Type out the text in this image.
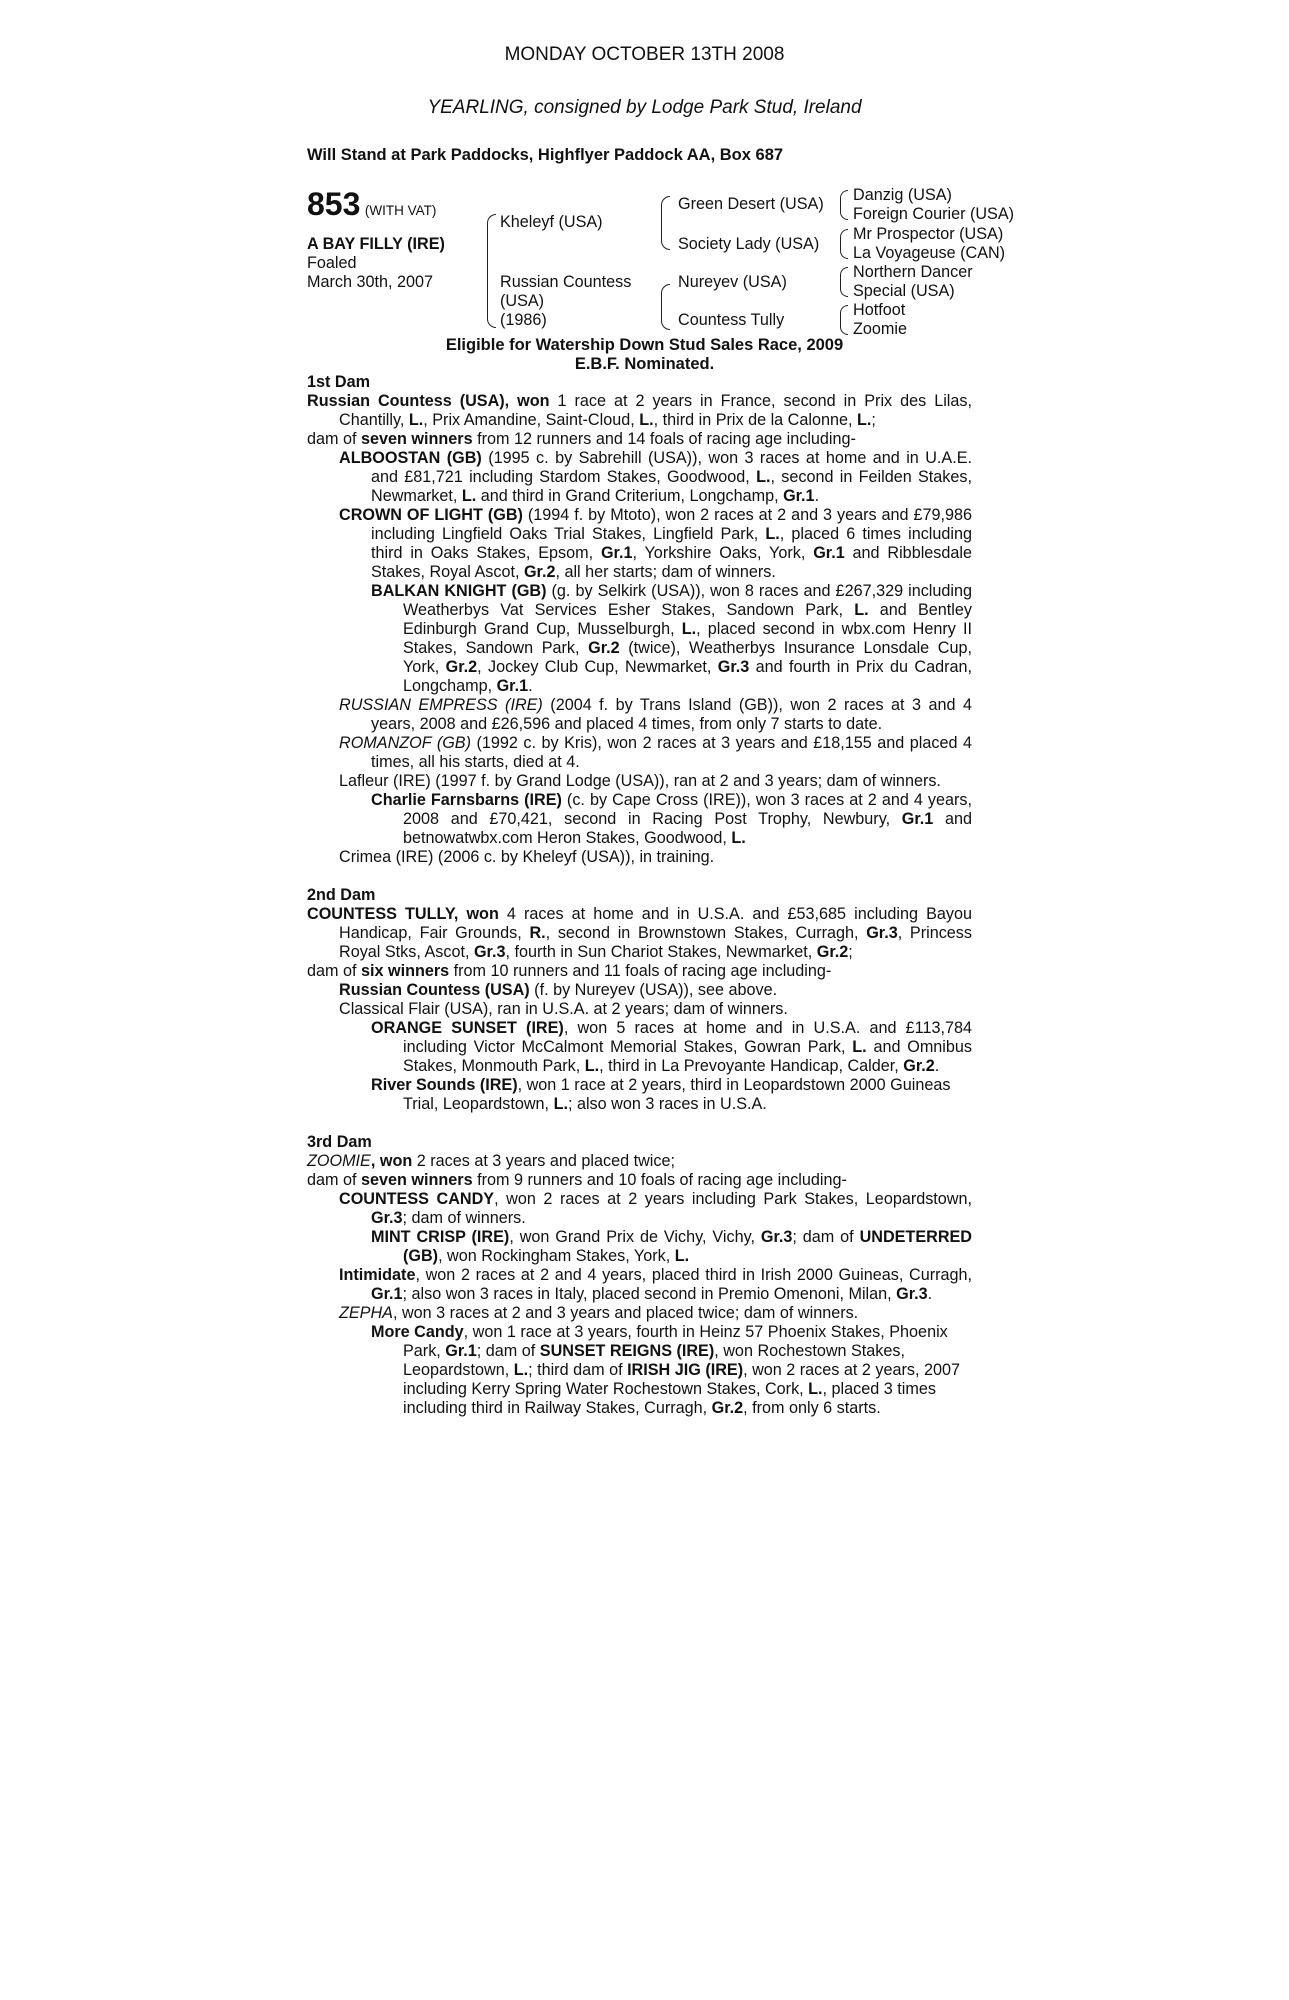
MONDAY OCTOBER 13TH 2008
YEARLING, consigned by Lodge Park Stud, Ireland
Will Stand at Park Paddocks, Highflyer Paddock AA, Box 687
853 (WITH VAT)
A BAY FILLY (IRE)
Foaled
March 30th, 2007
Kheleyf (USA)
Russian Countess
(USA)
(1986)
Green Desert (USA)
Society Lady (USA)
Nureyev (USA)
Countess Tully
Danzig (USA)
Foreign Courier (USA)
Mr Prospector (USA)
La Voyageuse (CAN)
Northern Dancer
Special (USA)
Hotfoot
Zoomie
Eligible for Watership Down Stud Sales Race, 2009
E.B.F. Nominated.

1st Dam

Russian Countess (USA), won 1 race at 2 years in France, second in Prix des Lilas, Chantilly, L., Prix Amandine, Saint-Cloud, L., third in Prix de la Calonne, L.;

dam of seven winners from 12 runners and 14 foals of racing age including-

ALBOOSTAN (GB) (1995 c. by Sabrehill (USA)), won 3 races at home and in U.A.E. and £81,721 including Stardom Stakes, Goodwood, L., second in Feilden Stakes, Newmarket, L. and third in Grand Criterium, Longchamp, Gr.1.

CROWN OF LIGHT (GB) (1994 f. by Mtoto), won 2 races at 2 and 3 years and £79,986 including Lingfield Oaks Trial Stakes, Lingfield Park, L., placed 6 times including third in Oaks Stakes, Epsom, Gr.1, Yorkshire Oaks, York, Gr.1 and Ribblesdale Stakes, Royal Ascot, Gr.2, all her starts; dam of winners.

BALKAN KNIGHT (GB) (g. by Selkirk (USA)), won 8 races and £267,329 including Weatherbys Vat Services Esher Stakes, Sandown Park, L. and Bentley Edinburgh Grand Cup, Musselburgh, L., placed second in wbx.com Henry II Stakes, Sandown Park, Gr.2 (twice), Weatherbys Insurance Lonsdale Cup, York, Gr.2, Jockey Club Cup, Newmarket, Gr.3 and fourth in Prix du Cadran, Longchamp, Gr.1.

RUSSIAN EMPRESS (IRE) (2004 f. by Trans Island (GB)), won 2 races at 3 and 4 years, 2008 and £26,596 and placed 4 times, from only 7 starts to date.

ROMANZOF (GB) (1992 c. by Kris), won 2 races at 3 years and £18,155 and placed 4 times, all his starts, died at 4.

Lafleur (IRE) (1997 f. by Grand Lodge (USA)), ran at 2 and 3 years; dam of winners.

Charlie Farnsbarns (IRE) (c. by Cape Cross (IRE)), won 3 races at 2 and 4 years, 2008 and £70,421, second in Racing Post Trophy, Newbury, Gr.1 and betnowatwbx.com Heron Stakes, Goodwood, L.

Crimea (IRE) (2006 c. by Kheleyf (USA)), in training.

2nd Dam

COUNTESS TULLY, won 4 races at home and in U.S.A. and £53,685 including Bayou Handicap, Fair Grounds, R., second in Brownstown Stakes, Curragh, Gr.3, Princess Royal Stks, Ascot, Gr.3, fourth in Sun Chariot Stakes, Newmarket, Gr.2;

dam of six winners from 10 runners and 11 foals of racing age including-

Russian Countess (USA) (f. by Nureyev (USA)), see above.

Classical Flair (USA), ran in U.S.A. at 2 years; dam of winners.

ORANGE SUNSET (IRE), won 5 races at home and in U.S.A. and £113,784 including Victor McCalmont Memorial Stakes, Gowran Park, L. and Omnibus Stakes, Monmouth Park, L., third in La Prevoyante Handicap, Calder, Gr.2.

River Sounds (IRE), won 1 race at 2 years, third in Leopardstown 2000 Guineas Trial, Leopardstown, L.; also won 3 races in U.S.A.

3rd Dam

ZOOMIE, won 2 races at 3 years and placed twice;

dam of seven winners from 9 runners and 10 foals of racing age including-

COUNTESS CANDY, won 2 races at 2 years including Park Stakes, Leopardstown, Gr.3; dam of winners.

MINT CRISP (IRE), won Grand Prix de Vichy, Vichy, Gr.3; dam of UNDETERRED (GB), won Rockingham Stakes, York, L.

Intimidate, won 2 races at 2 and 4 years, placed third in Irish 2000 Guineas, Curragh, Gr.1; also won 3 races in Italy, placed second in Premio Omenoni, Milan, Gr.3.

ZEPHA, won 3 races at 2 and 3 years and placed twice; dam of winners.

More Candy, won 1 race at 3 years, fourth in Heinz 57 Phoenix Stakes, Phoenix Park, Gr.1; dam of SUNSET REIGNS (IRE), won Rochestown Stakes, Leopardstown, L.; third dam of IRISH JIG (IRE), won 2 races at 2 years, 2007 including Kerry Spring Water Rochestown Stakes, Cork, L., placed 3 times including third in Railway Stakes, Curragh, Gr.2, from only 6 starts.
